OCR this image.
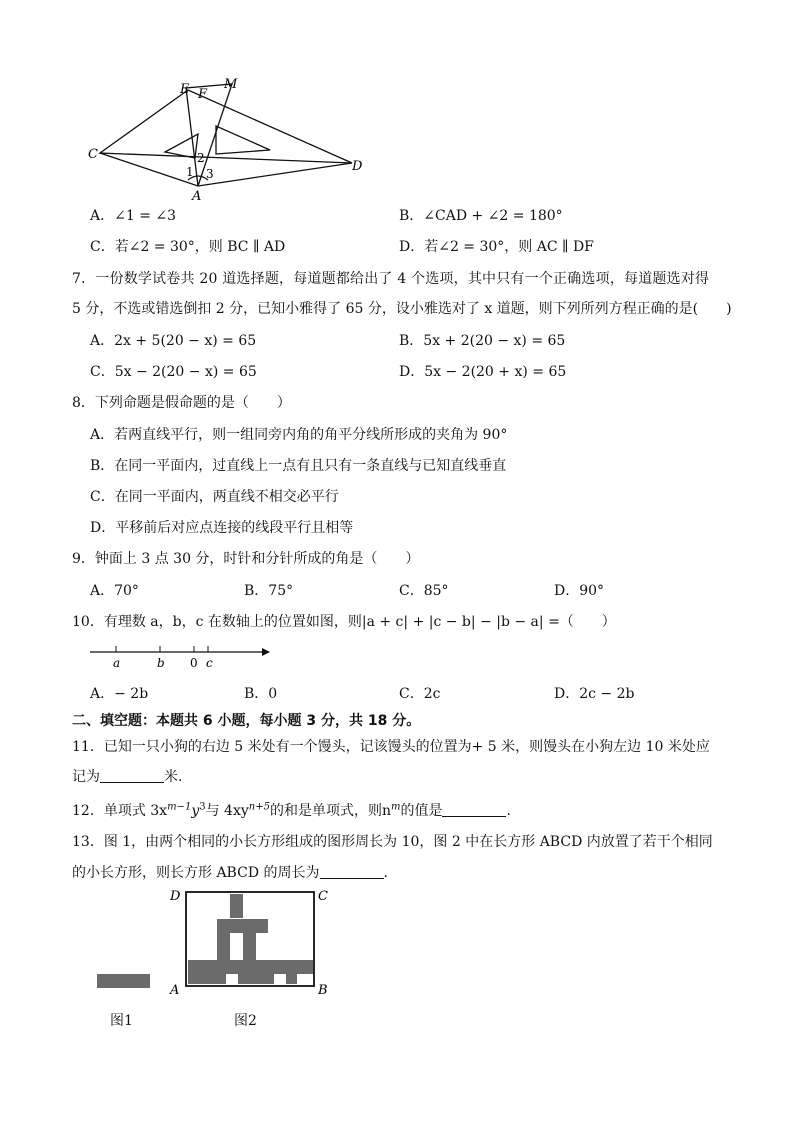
E F
M
C
D
A
1
2
3
A．∠1 = ∠3	B．∠CAD + ∠2 = 180°
C．若∠2 = 30°，则 BC ∥ AD	D．若∠2 = 30°，则 AC ∥ DF
7．一份数学试卷共 20 道选择题，每道题都给出了 4 个选项，其中只有一个正确选项，每道题选对得
5 分，不选或错选倒扣 2 分，已知小雅得了 65 分，设小雅选对了 x 道题，则下列所列方程正确的是(　　)
A．2x + 5(20 − x) = 65	B．5x + 2(20 − x) = 65
C．5x − 2(20 − x) = 65	D．5x − 2(20 + x) = 65
8．下列命题是假命题的是（　　）
A．若两直线平行，则一组同旁内角的角平分线所形成的夹角为 90°
B．在同一平面内，过直线上一点有且只有一条直线与已知直线垂直
C．在同一平面内，两直线不相交必平行
D．平移前后对应点连接的线段平行且相等
9．钟面上 3 点 30 分，时针和分针所成的角是（　　）
A．70°	B．75°	C．85°	D．90°
10．有理数 a，b，c 在数轴上的位置如图，则|a + c| + |c − b| − |b − a| =（　　）
a	b 0 c
A．− 2b	B．0	C．2c	D．2c − 2b
二、填空题：本题共 6 小题，每小题 3 分，共 18 分。
11．已知一只小狗的右边 5 米处有一个馒头，记该馒头的位置为+ 5 米，则馒头在小狗左边 10 米处应
记为	米.
12．单项式 $3x^{m-1}y^3$与 $4xy^{n+5}$的和是单项式，则$n^m$的值是	.
13．图 1，由两个相同的小长方形组成的图形周长为 10，图 2 中在长方形 ABCD 内放置了若干个相同
的小长方形，则长方形 ABCD 的周长为	.
图1
D	C
A	B
图2
